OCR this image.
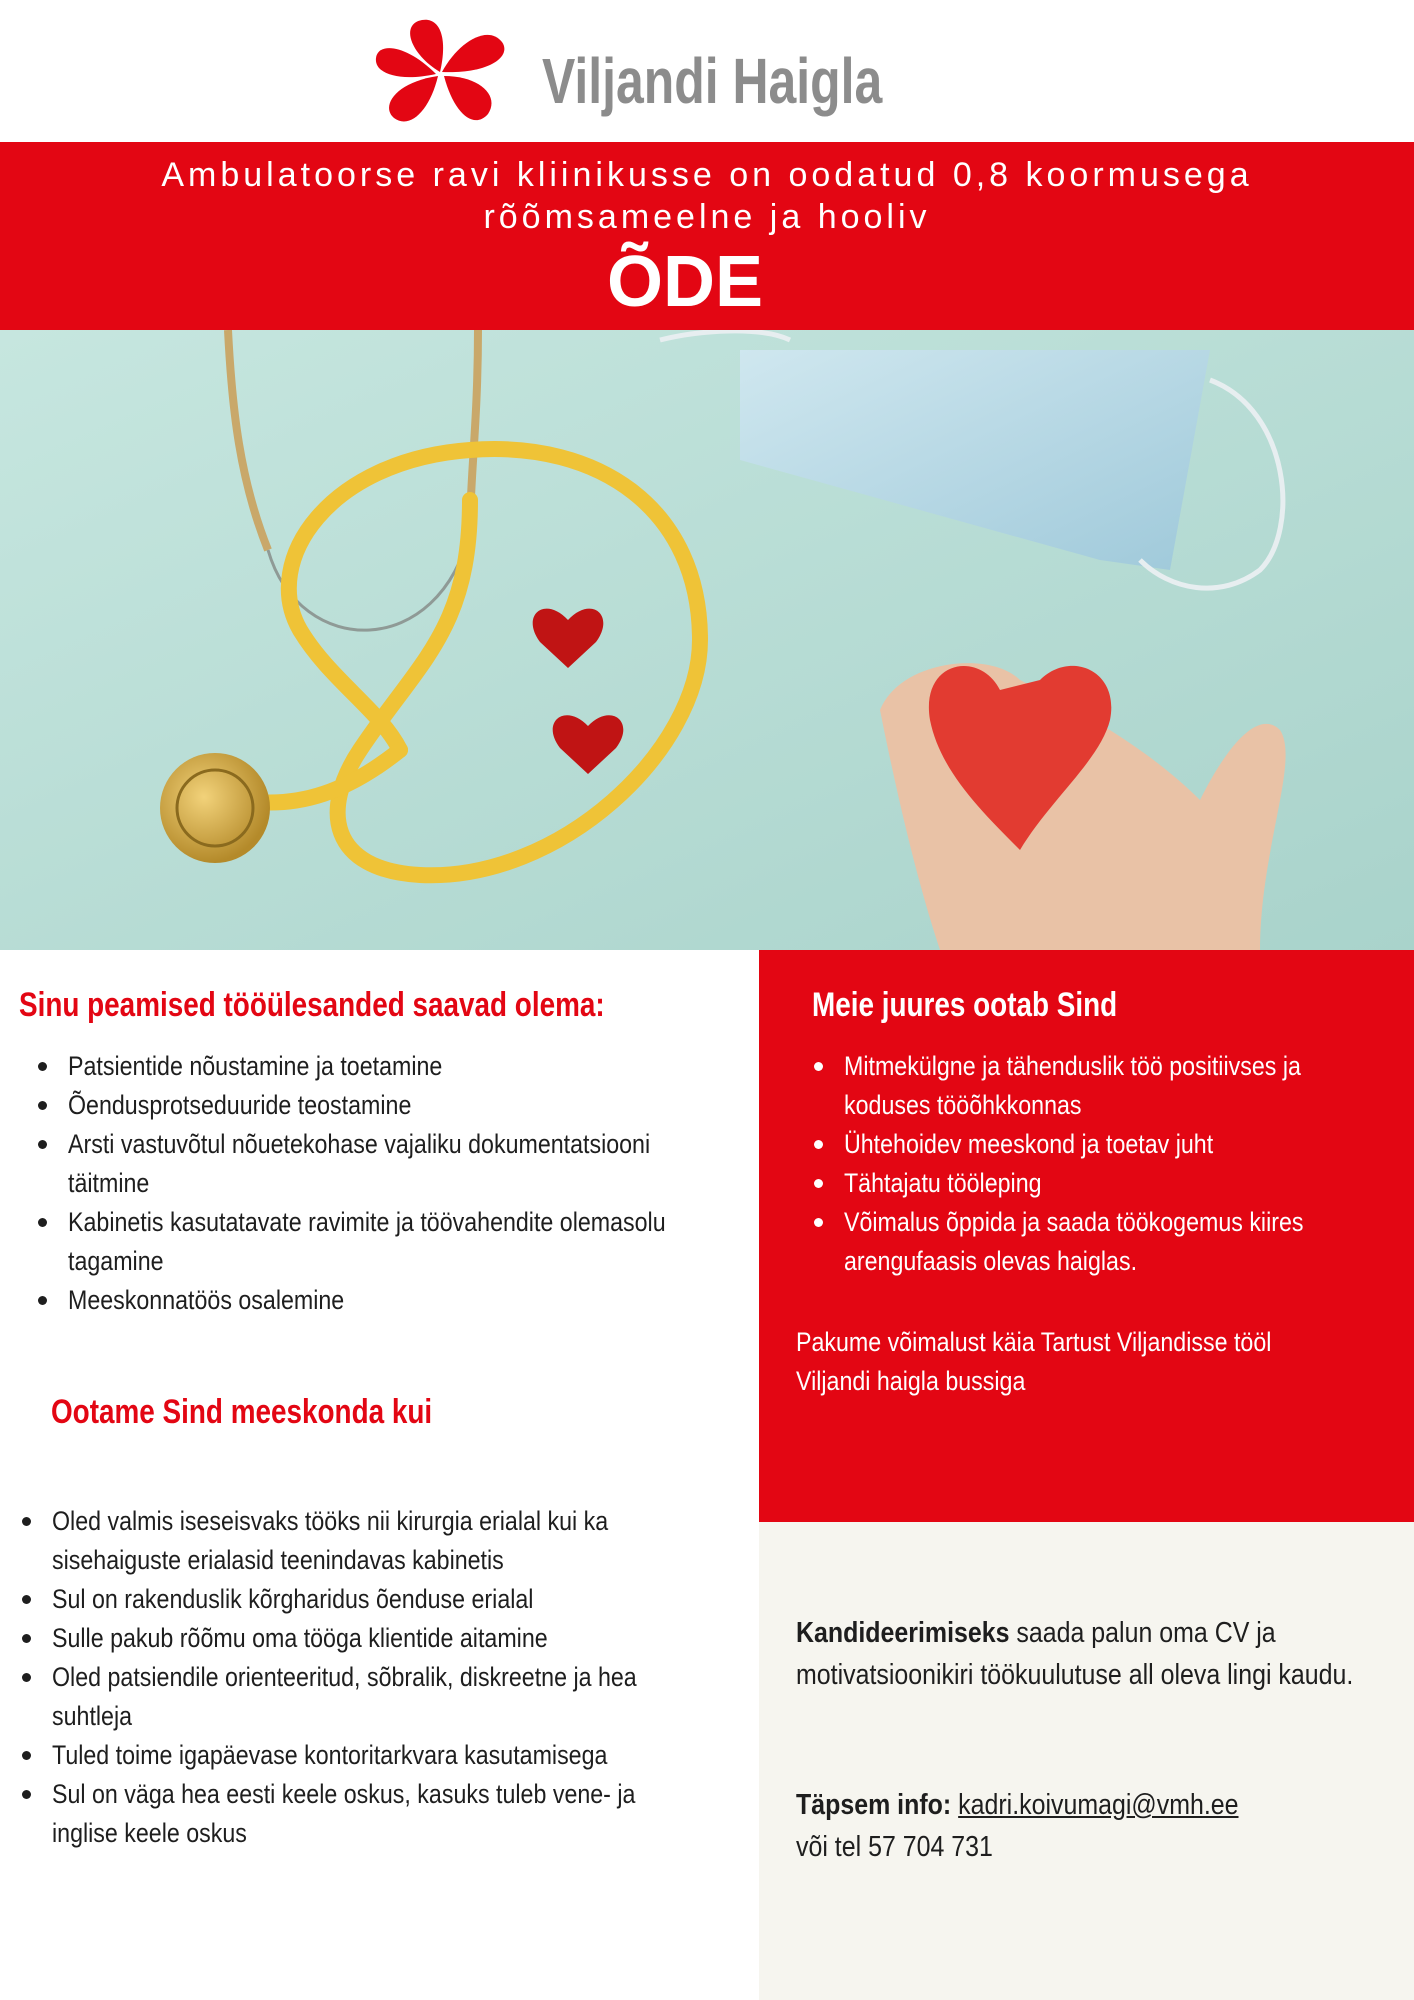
Viljandi Haigla
Ambulatoorse ravi kliinikusse on oodatud 0,8 koormusega rõõmsameelne ja hooliv
ÕDE
Sinu peamised tööülesanded saavad olema:
Patsientide nõustamine ja toetamine
Õendusprotseduuride teostamine
Arsti vastuvõtul nõuetekohase vajaliku dokumentatsiooni täitmine
Kabinetis kasutatavate ravimite ja töövahendite olemasolu tagamine
Meeskonnatöös osalemine
Ootame Sind meeskonda kui
Oled valmis iseseisvaks tööks nii kirurgia erialal kui ka sisehaiguste erialasid teenindavas kabinetis
Sul on rakenduslik kõrgharidus õenduse erialal
Sulle pakub rõõmu oma tööga klientide aitamine
Oled patsiendile orienteeritud, sõbralik, diskreetne ja hea suhtleja
Tuled toime igapäevase kontoritarkvara kasutamisega
Sul on väga hea eesti keele oskus, kasuks tuleb vene- ja inglise keele oskus
Meie juures ootab Sind
Mitmekülgne ja tähenduslik töö positiivses ja koduses tööõhkkonnas
Ühtehoidev meeskond ja toetav juht
Tähtajatu tööleping
Võimalus õppida ja saada töökogemus kiires arengufaasis olevas haiglas.
Pakume võimalust käia Tartust Viljandisse tööl Viljandi haigla bussiga
Kandideerimiseks saada palun oma CV ja motivatsioonikiri töökuulutuse all oleva lingi kaudu.
Täpsem info: kadri.koivumagi@vmh.ee
või tel 57 704 731
